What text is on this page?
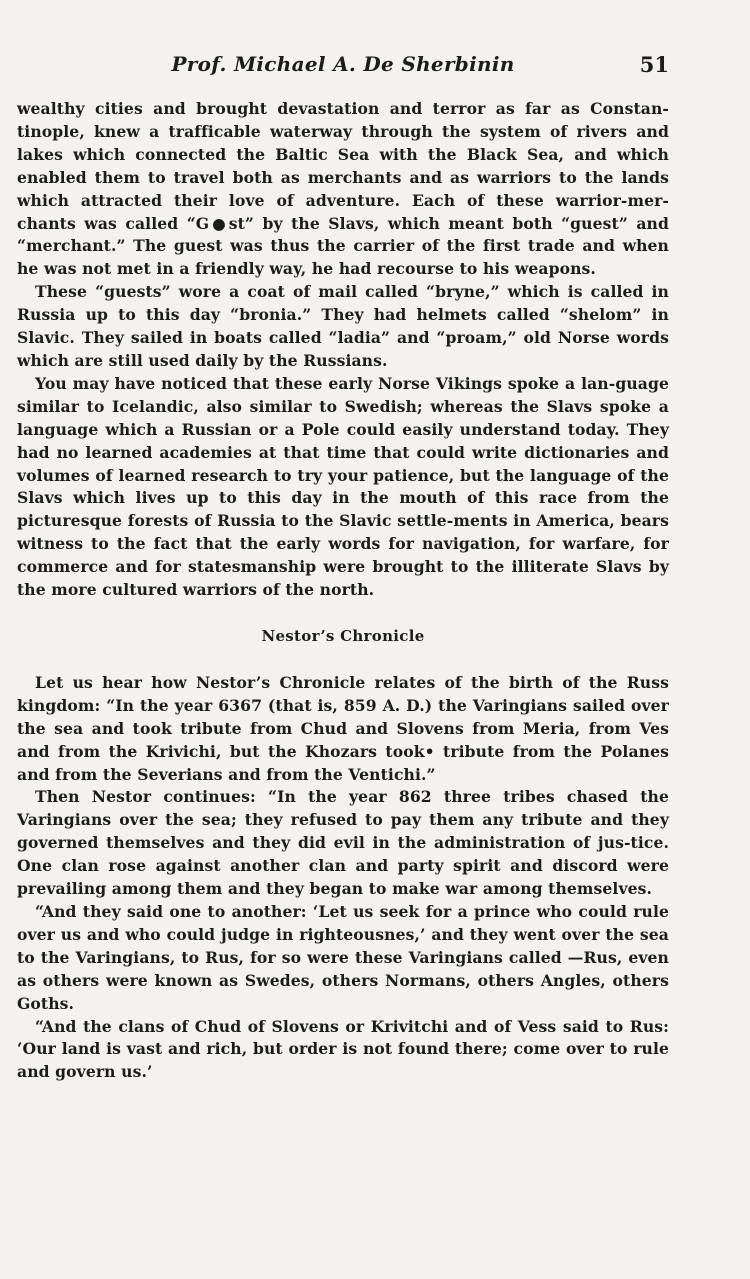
Prof. Michael A. De Sherbinin	51

wealthy cities and brought devastation and terror as far as Constan-tinople, knew a trafficable waterway through the system of rivers and lakes which connected the Baltic Sea with the Black Sea, and which enabled them to travel both as merchants and as warriors to the lands which attracted their love of adventure. Each of these warrior-mer-chants was called “G●st” by the Slavs, which meant both “guest” and “merchant.” The guest was thus the carrier of the first trade and when he was not met in a friendly way, he had recourse to his weapons.

These “guests” wore a coat of mail called “bryne,” which is called in Russia up to this day “bronia.” They had helmets called “shelom” in Slavic. They sailed in boats called “ladia” and “proam,” old Norse words which are still used daily by the Russians.

You may have noticed that these early Norse Vikings spoke a lan-guage similar to Icelandic, also similar to Swedish; whereas the Slavs spoke a language which a Russian or a Pole could easily understand today. They had no learned academies at that time that could write dictionaries and volumes of learned research to try your patience, but the language of the Slavs which lives up to this day in the mouth of this race from the picturesque forests of Russia to the Slavic settle-ments in America, bears witness to the fact that the early words for navigation, for warfare, for commerce and for statesmanship were brought to the illiterate Slavs by the more cultured warriors of the north.

Nestor’s Chronicle

Let us hear how Nestor’s Chronicle relates of the birth of the Russ kingdom: “In the year 6367 (that is, 859 A. D.) the Varingians sailed over the sea and took tribute from Chud and Slovens from Meria, from Ves and from the Krivichi, but the Khozars took• tribute from the Polanes and from the Severians and from the Ventichi.”

Then Nestor continues: “In the year 862 three tribes chased the Varingians over the sea; they refused to pay them any tribute and they governed themselves and they did evil in the administration of jus-tice. One clan rose against another clan and party spirit and discord were prevailing among them and they began to make war among themselves.

“And they said one to another: ‘Let us seek for a prince who could rule over us and who could judge in righteousnes,’ and they went over the sea to the Varingians, to Rus, for so were these Varingians called —Rus, even as others were known as Swedes, others Normans, others Angles, others Goths.

“And the clans of Chud of Slovens or Krivitchi and of Vess said to Rus: ‘Our land is vast and rich, but order is not found there; come over to rule and govern us.’
